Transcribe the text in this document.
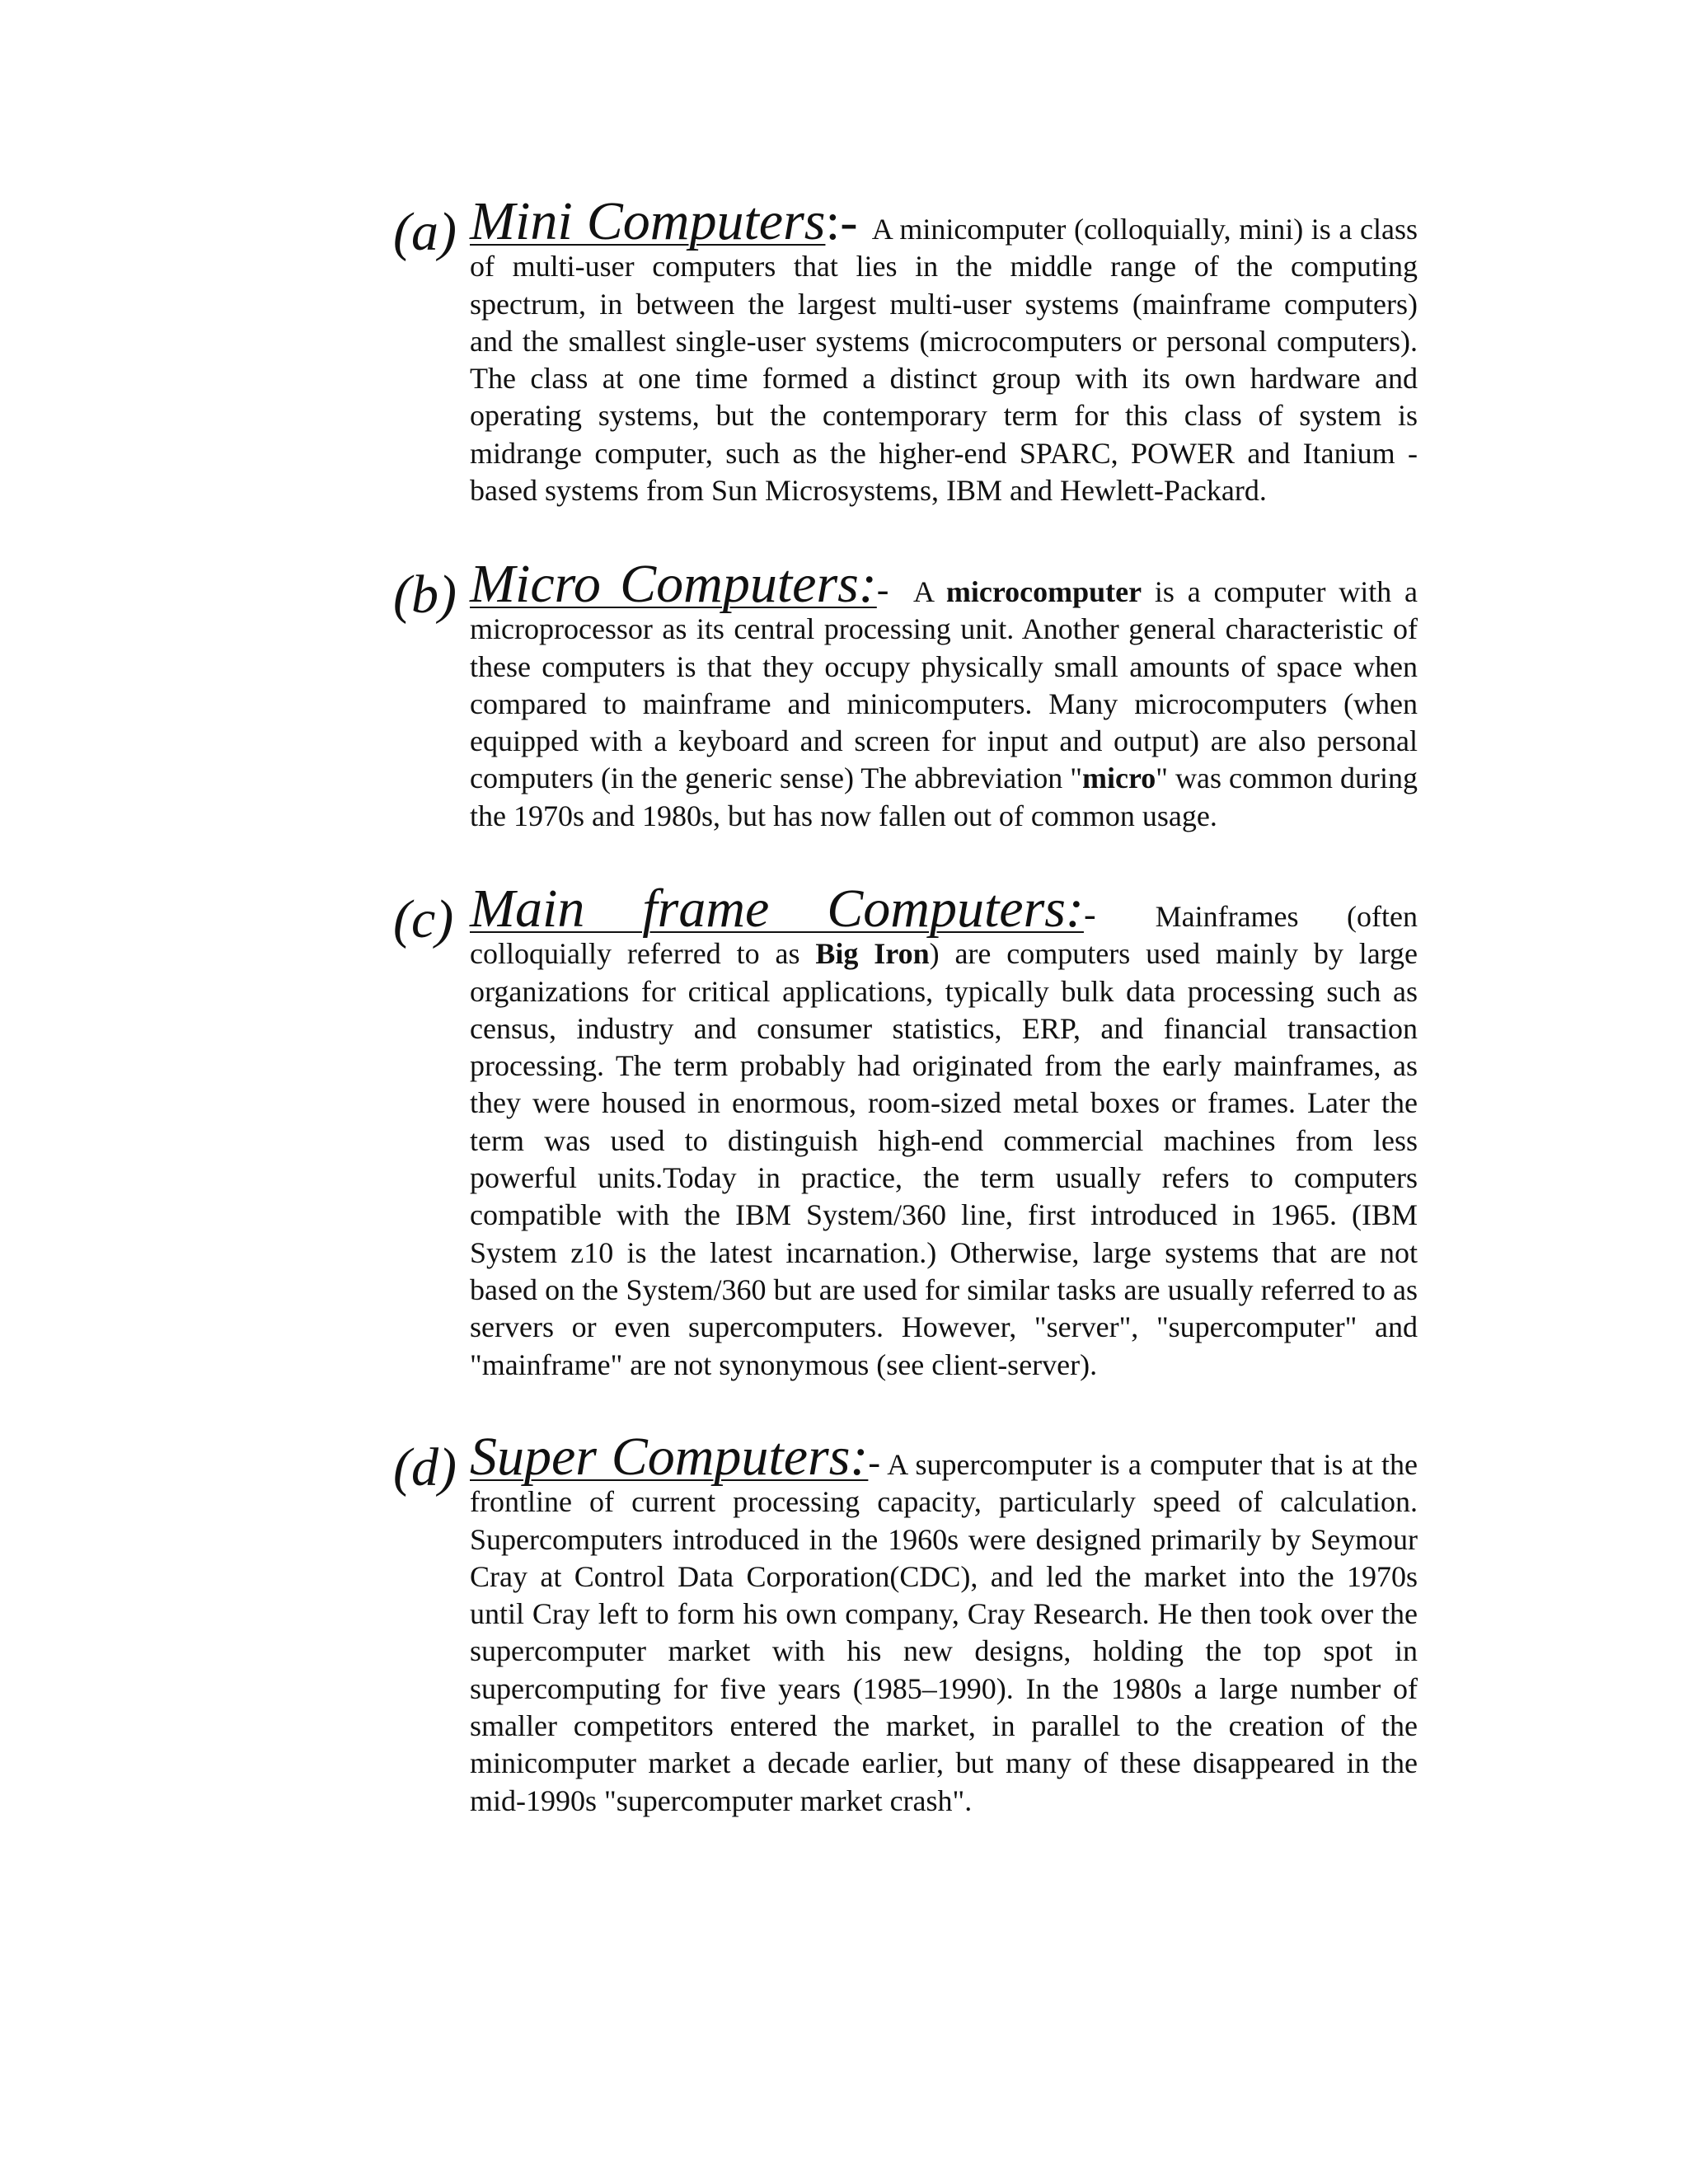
(a) Mini Computers:- A minicomputer (colloquially, mini) is a class of multi-user computers that lies in the middle range of the computing spectrum, in between the largest multi-user systems (mainframe computers) and the smallest single-user systems (microcomputers or personal computers). The class at one time formed a distinct group with its own hardware and operating systems, but the contemporary term for this class of system is midrange computer, such as the higher-end SPARC, POWER and Itanium -based systems from Sun Microsystems, IBM and Hewlett-Packard.

(b) Micro Computers:- A microcomputer is a computer with a microprocessor as its central processing unit. Another general characteristic of these computers is that they occupy physically small amounts of space when compared to mainframe and minicomputers. Many microcomputers (when equipped with a keyboard and screen for input and output) are also personal computers (in the generic sense) The abbreviation "micro" was common during the 1970s and 1980s, but has now fallen out of common usage.

(c) Main frame Computers:- Mainframes (often colloquially referred to as Big Iron) are computers used mainly by large organizations for critical applications, typically bulk data processing such as census, industry and consumer statistics, ERP, and financial transaction processing. The term probably had originated from the early mainframes, as they were housed in enormous, room-sized metal boxes or frames. Later the term was used to distinguish high-end commercial machines from less powerful units.Today in practice, the term usually refers to computers compatible with the IBM System/360 line, first introduced in 1965. (IBM System z10 is the latest incarnation.) Otherwise, large systems that are not based on the System/360 but are used for similar tasks are usually referred to as servers or even supercomputers. However, "server", "supercomputer" and "mainframe" are not synonymous (see client-server).

(d) Super Computers:- A supercomputer is a computer that is at the frontline of current processing capacity, particularly speed of calculation. Supercomputers introduced in the 1960s were designed primarily by Seymour Cray at Control Data Corporation(CDC), and led the market into the 1970s until Cray left to form his own company, Cray Research. He then took over the supercomputer market with his new designs, holding the top spot in supercomputing for five years (1985–1990). In the 1980s a large number of smaller competitors entered the market, in parallel to the creation of the minicomputer market a decade earlier, but many of these disappeared in the mid-1990s "supercomputer market crash".
